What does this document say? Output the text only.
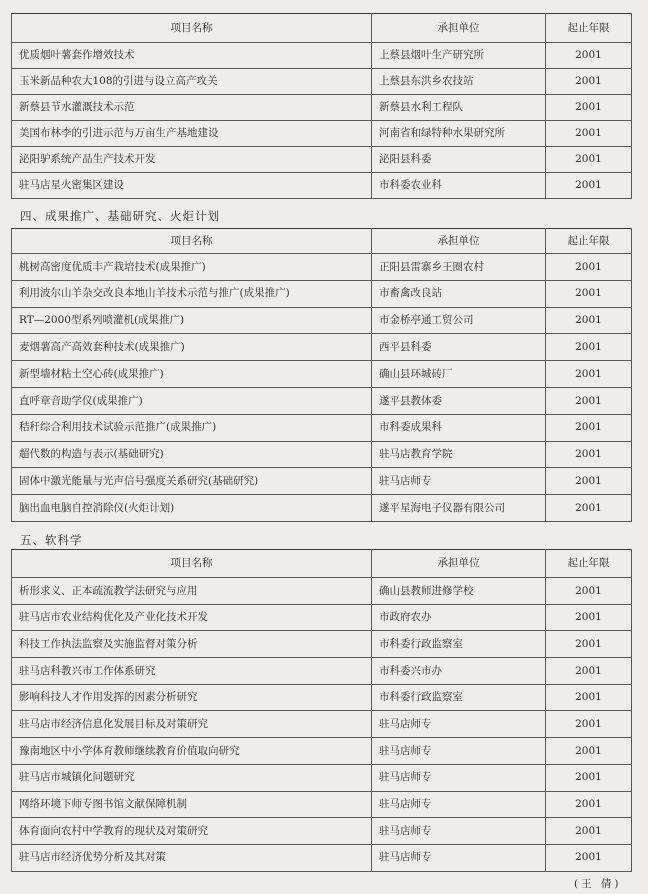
项目名称	承担单位	起止年限
优质烟叶薯套作增效技术	上蔡县烟叶生产研究所	2001
玉米新品种农大108的引进与设立高产攻关	上蔡县东洪乡农技站	2001
新蔡县节水灌溉技术示范	新蔡县水利工程队	2001
美国布林李的引进示范与万亩生产基地建设	河南省和绿特种水果研究所	2001
泌阳驴系统产品生产技术开发	泌阳县科委	2001
驻马店星火密集区建设	市科委农业科	2001
四、成果推广、基础研究、火炬计划
项目名称	承担单位	起止年限
桃树高密度优质丰产栽培技术(成果推广)	正阳县雷寨乡王圈农村	2001
利用波尔山羊杂交改良本地山羊技术示范与推广(成果推广)	市畜禽改良站	2001
RT—2000型系列喷灌机(成果推广)	市金桥亭通工贸公司	2001
麦烟薯高产高效套种技术(成果推广)	西平县科委	2001
新型墙材粘土空心砖(成果推广)	确山县环城砖厂	2001
直呼章音助学仪(成果推广)	遂平县教体委	2001
秸秆综合利用技术试验示范推广(成果推广)	市科委成果科	2001
超代数的构造与表示(基础研究)	驻马店教育学院	2001
固体中激光能量与光声信号强度关系研究(基础研究)	驻马店师专	2001
脑出血电脑自控消除仪(火炬计划)	遂平星海电子仪器有限公司	2001
五、软科学
项目名称	承担单位	起止年限
析形求义、正本疏流教学法研究与应用	确山县教师进修学校	2001
驻马店市农业结构优化及产业化技术开发	市政府农办	2001
科技工作执法监察及实施监督对策分析	市科委行政监察室	2001
驻马店科教兴市工作体系研究	市科委兴市办	2001
影响科技人才作用发挥的因素分析研究	市科委行政监察室	2001
驻马店市经济信息化发展目标及对策研究	驻马店师专	2001
豫南地区中小学体育教师继续教育价值取向研究	驻马店师专	2001
驻马店市城镇化问题研究	驻马店师专	2001
网络环境下师专图书馆文献保障机制	驻马店师专	2001
体育面向农村中学教育的现状及对策研究	驻马店师专	2001
驻马店市经济优势分析及其对策	驻马店师专	2001
(王 倩)
